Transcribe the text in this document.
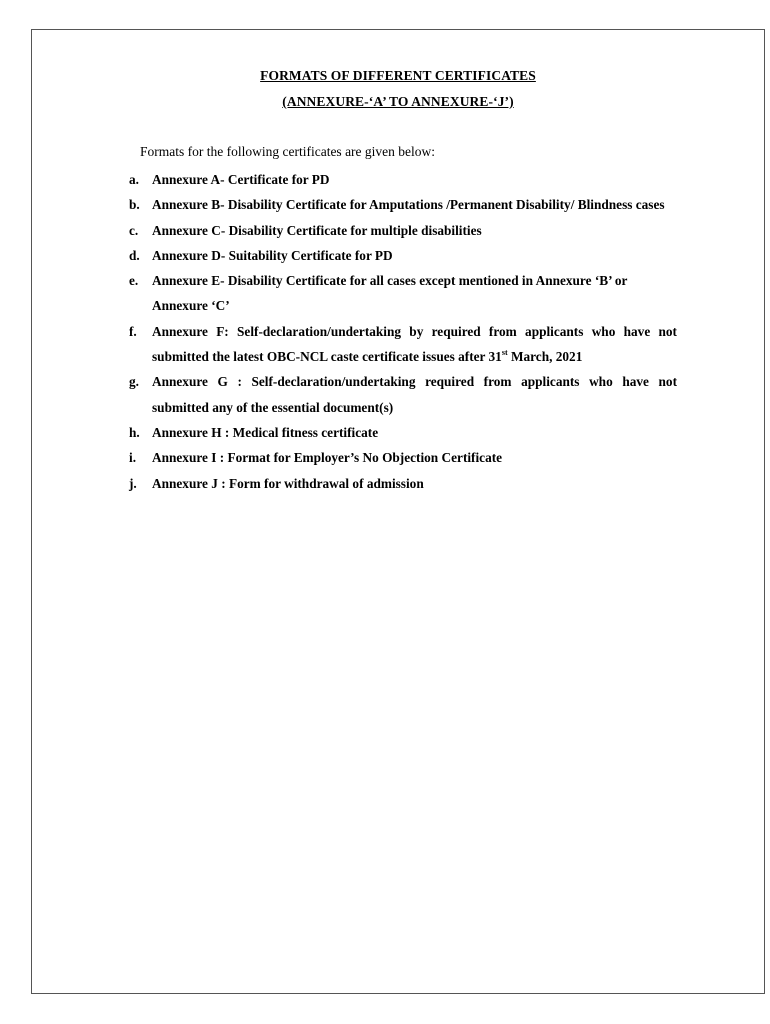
FORMATS OF DIFFERENT CERTIFICATES
(ANNEXURE-‘A’ TO ANNEXURE-‘J’)
Formats for the following certificates are given below:
a. Annexure A- Certificate for PD
b. Annexure B- Disability Certificate for Amputations /Permanent Disability/ Blindness cases
c. Annexure C- Disability Certificate for multiple disabilities
d. Annexure D- Suitability Certificate for PD
e. Annexure E- Disability Certificate for all cases except mentioned in Annexure ‘B’ or Annexure ‘C’
f. Annexure F: Self-declaration/undertaking by required from applicants who have not submitted the latest OBC-NCL caste certificate issues after 31st March, 2021
g. Annexure G : Self-declaration/undertaking required from applicants who have not submitted any of the essential document(s)
h. Annexure H : Medical fitness certificate
i. Annexure I : Format for Employer’s No Objection Certificate
j. Annexure J : Form for withdrawal of admission
